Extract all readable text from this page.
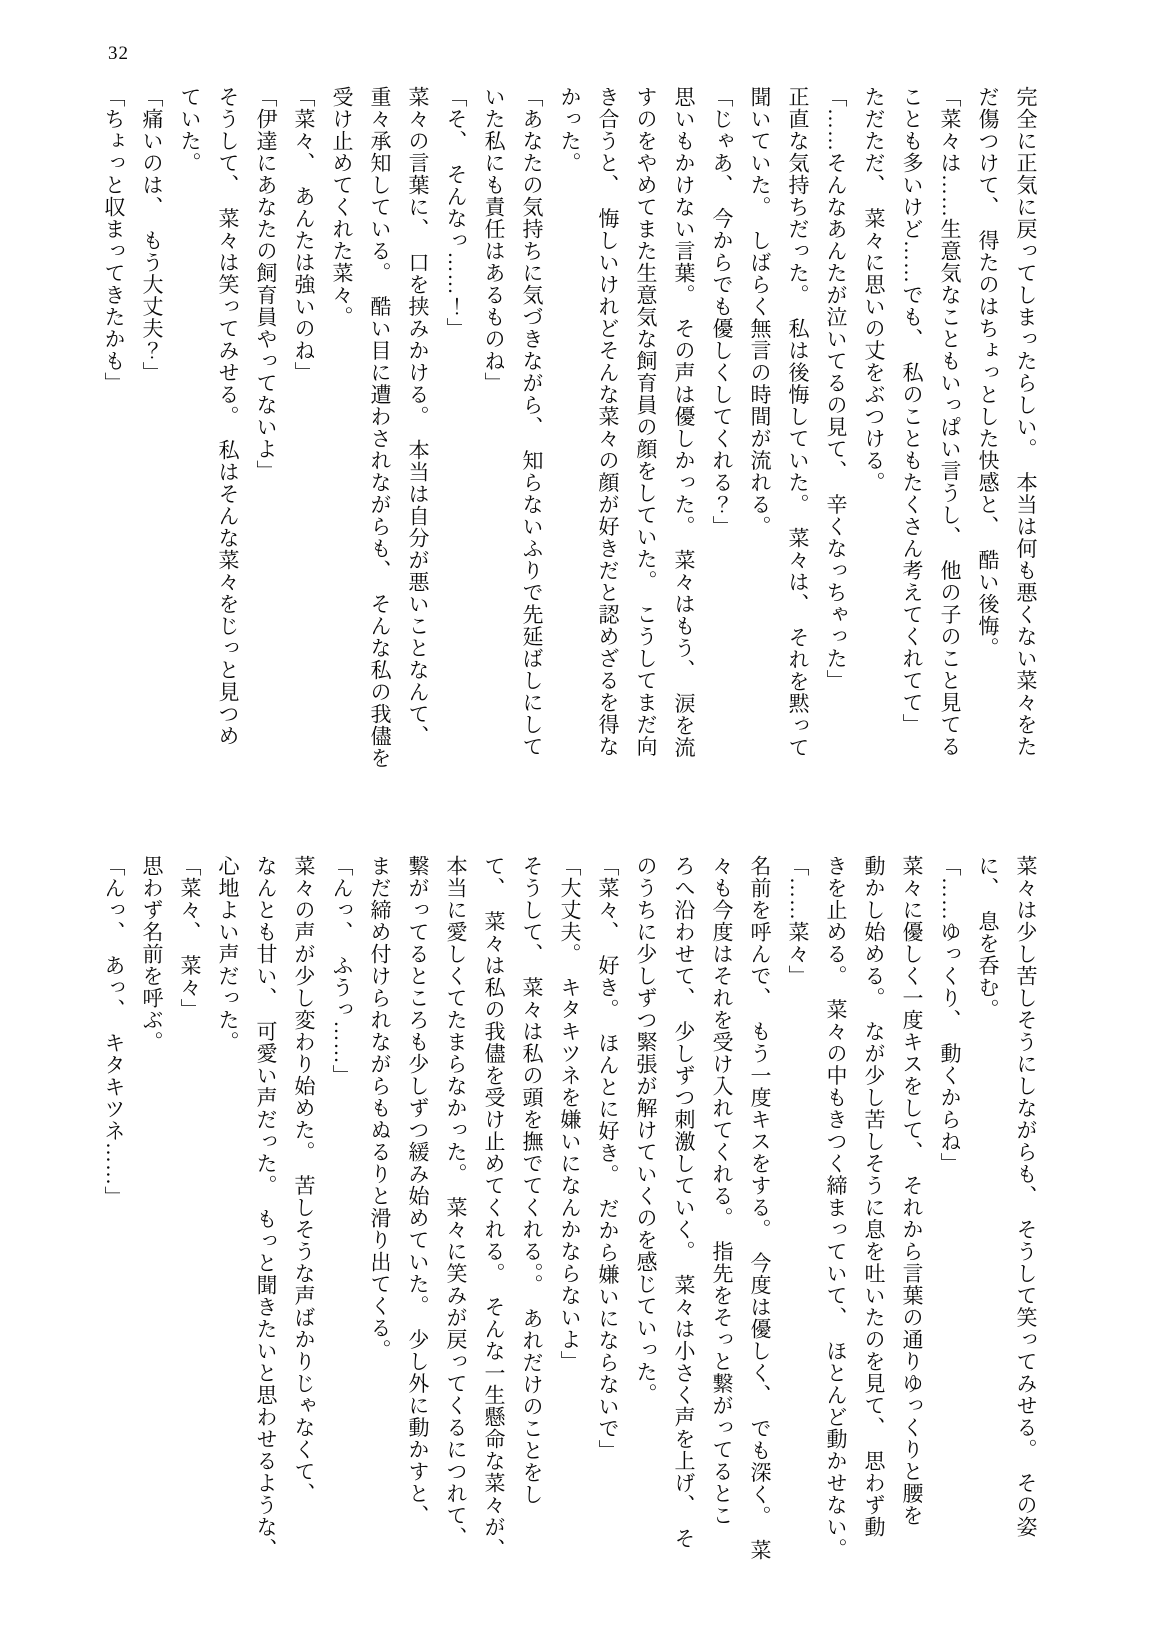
32

完全に正気に戻ってしまったらしい。　本当は何も悪くない菜々をた

だ傷つけて、　得たのはちょっとした快感と、　酷い後悔。

「菜々は……生意気なこともいっぱい言うし、　他の子のこと見てる

ことも多いけど……でも、　私のこともたくさん考えてくれてて」

ただただ、　菜々に思いの丈をぶつける。

「……そんなあんたが泣いてるの見て、　辛くなっちゃった」

正直な気持ちだった。　私は後悔していた。　菜々は、　それを黙って

聞いていた。　しばらく無言の時間が流れる。

「じゃあ、　今からでも優しくしてくれる？」

思いもかけない言葉。　その声は優しかった。　菜々はもう、　涙を流

すのをやめてまた生意気な飼育員の顔をしていた。　こうしてまだ向

き合うと、　悔しいけれどそんな菜々の顔が好きだと認めざるを得な

かった。

「あなたの気持ちに気づきながら、　知らないふりで先延ばしにして

いた私にも責任はあるものね」

「そ、　そんなっ……！」

菜々の言葉に、　口を挟みかける。　本当は自分が悪いことなんて、

重々承知している。　酷い目に遭わされながらも、　そんな私の我儘を

受け止めてくれた菜々。

「菜々、　あんたは強いのね」

「伊達にあなたの飼育員やってないよ」

そうして、　菜々は笑ってみせる。　私はそんな菜々をじっと見つめ

ていた。

「痛いのは、　もう大丈夫？」

「ちょっと収まってきたかも」

菜々は少し苦しそうにしながらも、　そうして笑ってみせる。　その姿

に、　息を呑む。

「……ゆっくり、　動くからね」

菜々に優しく一度キスをして、　それから言葉の通りゆっくりと腰を

動かし始める。　なが少し苦しそうに息を吐いたのを見て、　思わず動

きを止める。　菜々の中もきつく締まっていて、　ほとんど動かせない。

「……菜々」

名前を呼んで、　もう一度キスをする。　今度は優しく、　でも深く。　菜

々も今度はそれを受け入れてくれる。　指先をそっと繋がってるとこ

ろへ沿わせて、　少しずつ刺激していく。　菜々は小さく声を上げ、　そ

のうちに少しずつ緊張が解けていくのを感じていった。

「菜々、　好き。　ほんとに好き。　だから嫌いにならないで」

「大丈夫。　キタキツネを嫌いになんかならないよ」

そうして、　菜々は私の頭を撫でてくれる。。　あれだけのことをし

て、　菜々は私の我儘を受け止めてくれる。　そんな一生懸命な菜々が、

本当に愛しくてたまらなかった。　菜々に笑みが戻ってくるにつれて、

繋がってるところも少しずつ緩み始めていた。　少し外に動かすと、

まだ締め付けられながらもぬるりと滑り出てくる。

「んっ、　ふうっ……」

菜々の声が少し変わり始めた。　苦しそうな声ばかりじゃなくて、

なんとも甘い、　可愛い声だった。　もっと聞きたいと思わせるような、

心地よい声だった。

「菜々、　菜々」

思わず名前を呼ぶ。

「んっ、　あっ、　キタキツネ……」
